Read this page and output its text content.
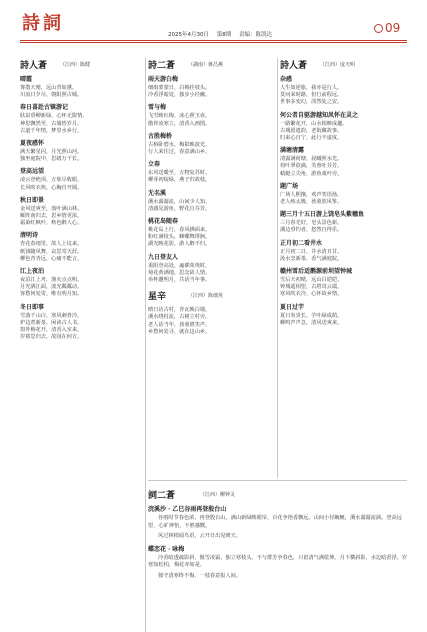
詩詞
2025年4月30日 第8期 责编：陈凯达	09
詩人蒼	（江西）陈健
晴霞

雾散天晴，远山青如黛。

川流日夕尽，朝阳照古城。

春日喜赴古镇游记

肤泉垂柳新绿，心怀无限情。

神思飘然至，古墙皆岁月。

古道千年情，梦里水乡行。

夏夜感怀

满天繁星闪，月光照山河。

独坐庭院中，思绪万千长。

登高远望

凌云登绝顶，万象尽收眼。

长风吹衣袂，心胸自开阔。

秋日即景

金风送爽至，落叶满山林。

雁阵南归去，思乡情更浓。

霜染红枫叶，秋色醉人心。

清明诗

杏花春雨里，故人上坟来。

纸钱随风舞，哀思寄天涯。

柳色青青远，心痛不能言。

江上夜泊

夜泊江上舟，渔火点点明。

月光洒江面，波光粼粼动。

客愁何处寄，唯有明月知。

冬日即事

雪落千山白，寒风刺骨冷。

炉边煮新茶，闲读古人书。

窗外梅花开，清香入室来。

岁暮思归去，故园在何方。

詩二蒼	（湖南）蒋昌燕
雨天游白梅

细雨蒙蒙日，白梅挂枝头。

冷香浮暗处，独步小径幽。

雪与梅

飞雪映红梅，冰心照玉壶。

傲骨凌寒立，清香入画图。

古胜梅桥

古桥卧碧水，梅影映波光。

行人来往过，春意满山乡。

立春

东风送暖至，万物复苏时。

柳芽初绽绿，燕子归故枝。

无名溪

溪水潺潺流，山间少人知。

清澈见游鱼，野花自芬芳。

桃花岛随春

桃花岛上行，春风拂面来。

粉红满枝头，蜂蝶舞徘徊。

湖光映花影，游人醉不归。

九日登友人

重阳登高处，遍插茱萸时。

菊花黄满地，思念故人情。

举杯邀明月，共话当年事。

星辛	（江西）陈细英

晴日访古村，青瓦映白墙。

溪水绕村流，古树立村旁。

老人话当年，孩童嬉笑声。

乡愁何处寻，就在这山乡。

詩人蒼	（江西）庞天明
杂感

人生如逆旅，我亦是行人。

莫问来时路，但行前程远。

世事多变幻，淡然处之安。

何公者自驱游越知凤怀在灵之

一路繁花开，山水相映成趣。

古城留遗韵，老街藏故事。

归来心自宁，此行不虚度。

满塘清露

清露满荷塘，晨曦照水光。

荷叶翠欲滴，芙蓉吐芬芳。

蜻蜓立尖角，游鱼戏叶旁。

题广场

广场人熙攘，欢声笑语扬。

老人练太极，孩童放风筝。

题三月十五日游上饶皂头紫穗鱼

三月春光好，皂头景色新。

溪边垂钓者，悠然自得乐。

正月初二看井水

正月初二日，井水清且甘。

汲水烹新茶，香气满庭院。

赣州雪后适鹅源前坝望钟城

雪后天初晴，远山白皑皑。

钟城遥相望，古塔耸云端。

寒风吹衣冷，心怀故乡情。

夏日过芋

夏日炎炎长，芋叶绿成荫。

蝉鸣声声急，清风送爽来。

詞二蒼	（江西）柳钟灵
浣溪沙 · 乙巳谷雨再登殷台山

谷雨时节春色浓，再登殷台山。满山新绿映眼帘，百花争艳香飘远。山间小径蜿蜒，溪水潺潺流淌。登高远望，心旷神怡，不胜感慨。

风过林梢闻鸟语，云开日出见晴天。

蝶恋花 · 咏梅

冷香暗透疏影斜，傲雪凌霜，独立寒枝头。不与群芳争春色，只留清气满乾坤。月下横斜影，水边暗香浮。岁寒知松柏，梅花亦如是。

独守清寒终不悔，一枝春意报人间。
